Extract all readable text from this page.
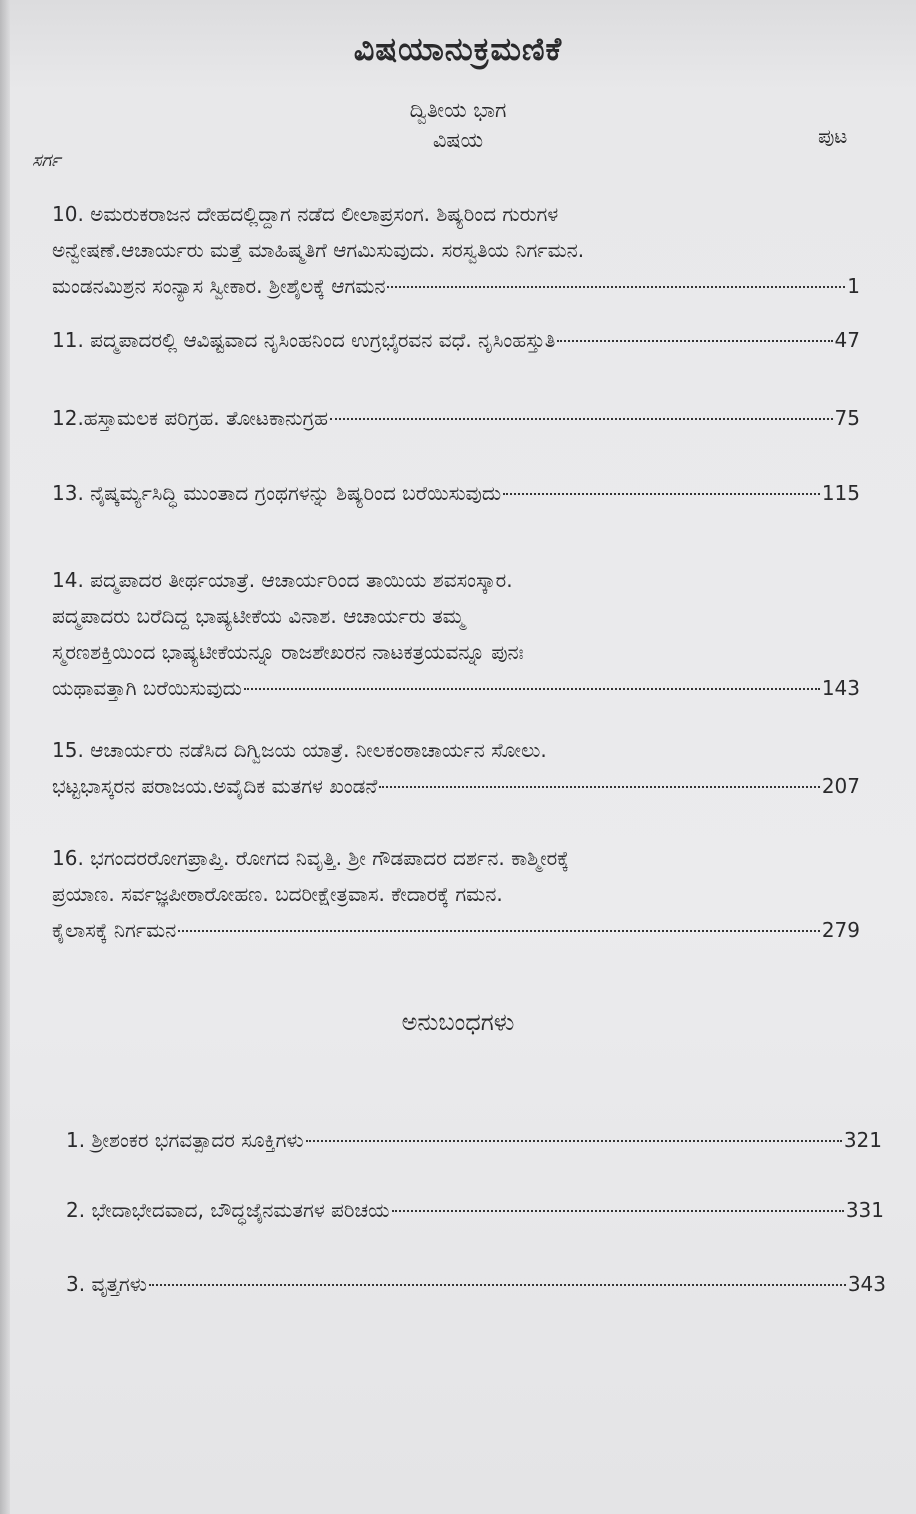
ವಿಷಯಾನುಕ್ರಮಣಿಕೆ
ದ್ವಿತೀಯ ಭಾಗ
ವಿಷಯ
ಸರ್ಗ
ಪುಟ
10. ಅಮರುಕರಾಜನ ದೇಹದಲ್ಲಿದ್ದಾಗ ನಡೆದ ಲೀಲಾಪ್ರಸಂಗ. ಶಿಷ್ಯರಿಂದ ಗುರುಗಳ
ಅನ್ವೇಷಣೆ.ಆಚಾರ್ಯರು ಮತ್ತೆ ಮಾಹಿಷ್ಮತಿಗೆ ಆಗಮಿಸುವುದು. ಸರಸ್ವತಿಯ ನಿರ್ಗಮನ.
ಮಂಡನಮಿಶ್ರನ ಸಂನ್ಯಾಸ ಸ್ವೀಕಾರ. ಶ್ರೀಶೈಲಕ್ಕೆ ಆಗಮನ	1
11. ಪದ್ಮಪಾದರಲ್ಲಿ ಆವಿಷ್ಟವಾದ ನೃಸಿಂಹನಿಂದ ಉಗ್ರಭೈರವನ ವಧೆ. ನೃಸಿಂಹಸ್ತುತಿ	47
12.ಹಸ್ತಾಮಲಕ ಪರಿಗ್ರಹ. ತೋಟಕಾನುಗ್ರಹ	75
13. ನೈಷ್ಕರ್ಮ್ಯಸಿದ್ಧಿ ಮುಂತಾದ ಗ್ರಂಥಗಳನ್ನು ಶಿಷ್ಯರಿಂದ ಬರೆಯಿಸುವುದು	115
14. ಪದ್ಮಪಾದರ ತೀರ್ಥಯಾತ್ರೆ. ಆಚಾರ್ಯರಿಂದ ತಾಯಿಯ ಶವಸಂಸ್ಕಾರ.
ಪದ್ಮಪಾದರು ಬರೆದಿದ್ದ ಭಾಷ್ಯಟೀಕೆಯ ವಿನಾಶ. ಆಚಾರ್ಯರು ತಮ್ಮ
ಸ್ಮರಣಶಕ್ತಿಯಿಂದ ಭಾಷ್ಯಟೀಕೆಯನ್ನೂ ರಾಜಶೇಖರನ ನಾಟಕತ್ರಯವನ್ನೂ ಪುನಃ
ಯಥಾವತ್ತಾಗಿ ಬರೆಯಿಸುವುದು	143
15. ಆಚಾರ್ಯರು ನಡೆಸಿದ ದಿಗ್ವಿಜಯ ಯಾತ್ರೆ. ನೀಲಕಂಠಾಚಾರ್ಯನ ಸೋಲು.
ಭಟ್ಟಭಾಸ್ಕರನ ಪರಾಜಯ.ಅವೈದಿಕ ಮತಗಳ ಖಂಡನೆ	207
16. ಭಗಂದರರೋಗಪ್ರಾಪ್ತಿ. ರೋಗದ ನಿವೃತ್ತಿ. ಶ್ರೀ ಗೌಡಪಾದರ ದರ್ಶನ. ಕಾಶ್ಮೀರಕ್ಕೆ
ಪ್ರಯಾಣ. ಸರ್ವಜ್ಞಪೀಠಾರೋಹಣ. ಬದರೀಕ್ಷೇತ್ರವಾಸ. ಕೇದಾರಕ್ಕೆ ಗಮನ.
ಕೈಲಾಸಕ್ಕೆ ನಿರ್ಗಮನ	279
ಅನುಬಂಧಗಳು
1. ಶ್ರೀಶಂಕರ ಭಗವತ್ಪಾದರ ಸೂಕ್ತಿಗಳು	321
2. ಭೇದಾಭೇದವಾದ, ಬೌದ್ಧಜೈನಮತಗಳ ಪರಿಚಯ	331
3. ವೃತ್ತಗಳು	343
